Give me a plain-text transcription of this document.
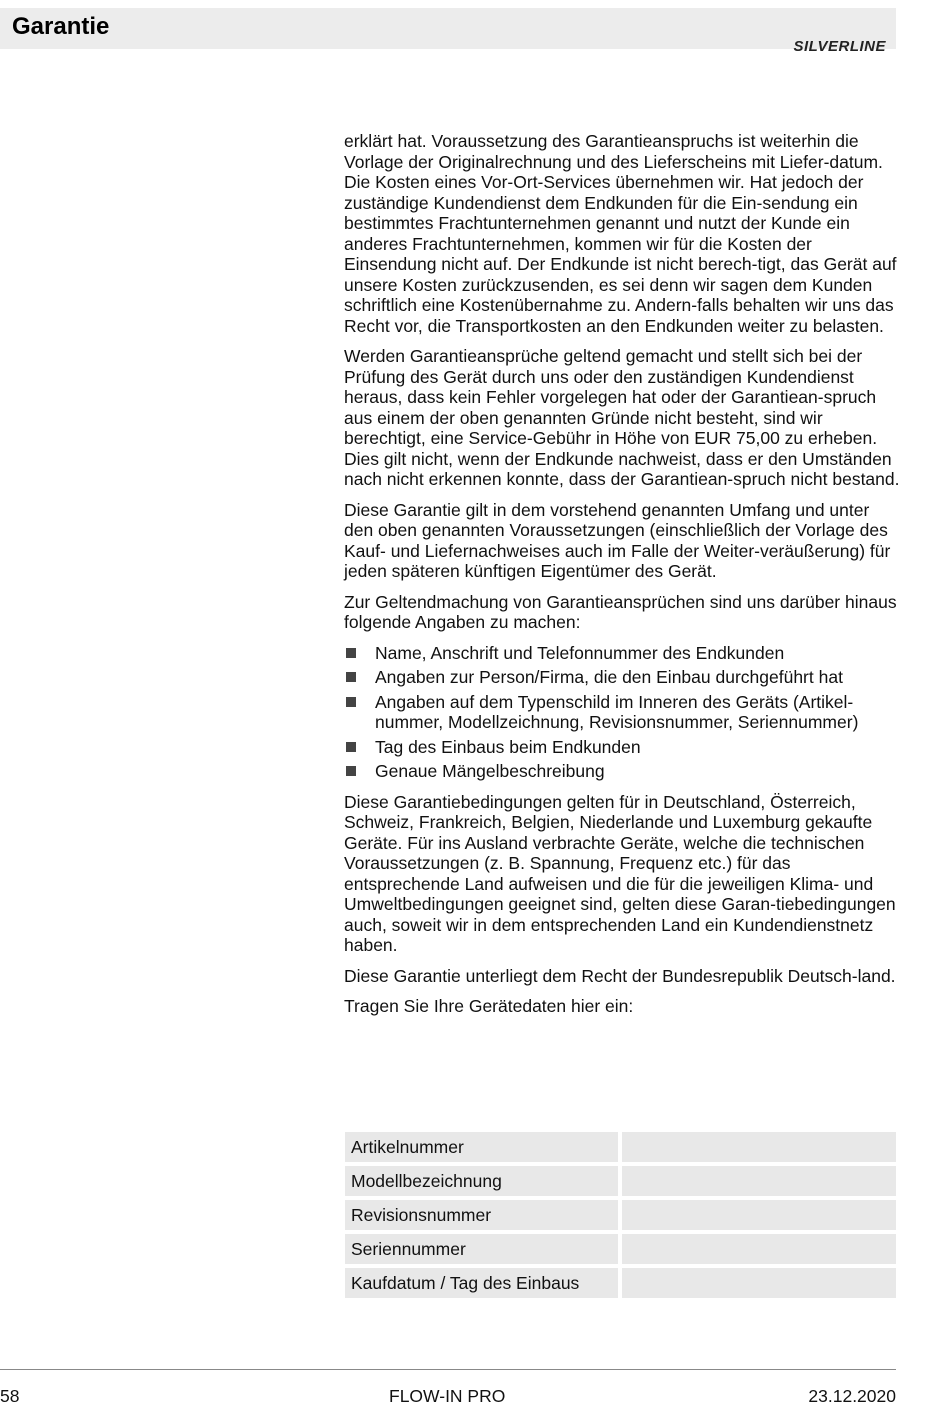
Garantie
SILVERLINE

erklärt hat. Voraussetzung des Garantieanspruchs ist weiterhin die Vorlage der Originalrechnung und des Lieferscheins mit Liefer-datum. Die Kosten eines Vor-Ort-Services übernehmen wir. Hat jedoch der zuständige Kundendienst dem Endkunden für die Ein-sendung ein bestimmtes Frachtunternehmen genannt und nutzt der Kunde ein anderes Frachtunternehmen, kommen wir für die Kosten der Einsendung nicht auf. Der Endkunde ist nicht berech-tigt, das Gerät auf unsere Kosten zurückzusenden, es sei denn wir sagen dem Kunden schriftlich eine Kostenübernahme zu. Andern-falls behalten wir uns das Recht vor, die Transportkosten an den Endkunden weiter zu belasten.

Werden Garantieansprüche geltend gemacht und stellt sich bei der Prüfung des Gerät durch uns oder den zuständigen Kundendienst heraus, dass kein Fehler vorgelegen hat oder der Garantiean-spruch aus einem der oben genannten Gründe nicht besteht, sind wir berechtigt, eine Service-Gebühr in Höhe von EUR 75,00 zu erheben. Dies gilt nicht, wenn der Endkunde nachweist, dass er den Umständen nach nicht erkennen konnte, dass der Garantiean-spruch nicht bestand.

Diese Garantie gilt in dem vorstehend genannten Umfang und unter den oben genannten Voraussetzungen (einschließlich der Vorlage des Kauf- und Liefernachweises auch im Falle der Weiter-veräußerung) für jeden späteren künftigen Eigentümer des Gerät.

Zur Geltendmachung von Garantieansprüchen sind uns darüber hinaus folgende Angaben zu machen:

Name, Anschrift und Telefonnummer des Endkunden
Angaben zur Person/Firma, die den Einbau durchgeführt hat
Angaben auf dem Typenschild im Inneren des Geräts (Artikel-nummer, Modellzeichnung, Revisionsnummer, Seriennummer)
Tag des Einbaus beim Endkunden
Genaue Mängelbeschreibung

Diese Garantiebedingungen gelten für in Deutschland, Österreich, Schweiz, Frankreich, Belgien, Niederlande und Luxemburg gekaufte Geräte. Für ins Ausland verbrachte Geräte, welche die technischen Voraussetzungen (z. B. Spannung, Frequenz etc.) für das entsprechende Land aufweisen und die für die jeweiligen Klima- und Umweltbedingungen geeignet sind, gelten diese Garan-tiebedingungen auch, soweit wir in dem entsprechenden Land ein Kundendienstnetz haben.

Diese Garantie unterliegt dem Recht der Bundesrepublik Deutsch-land.

Tragen Sie Ihre Gerätedaten hier ein:

Artikelnummer	
Modellbezeichnung	
Revisionsnummer	
Seriennummer	
Kaufdatum / Tag des Einbaus	
58	FLOW-IN PRO	23.12.2020
